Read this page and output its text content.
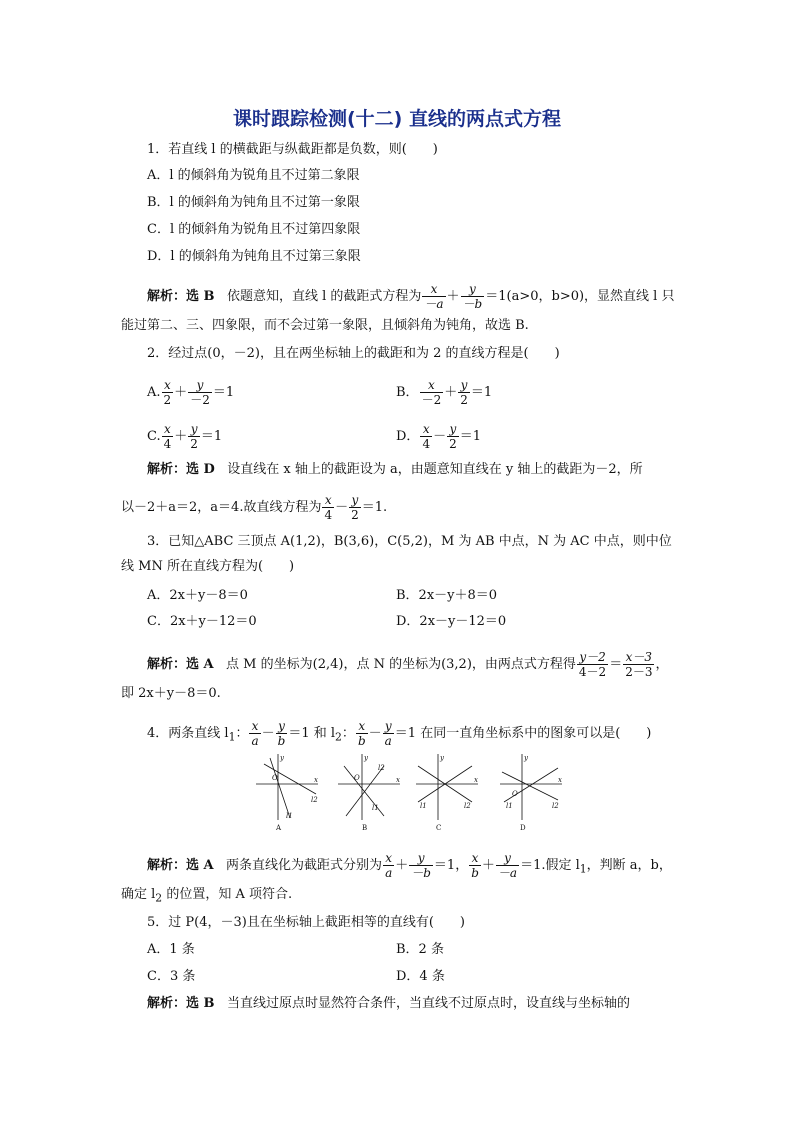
课时跟踪检测(十二) 直线的两点式方程
1．若直线 l 的横截距与纵截距都是负数，则(　　)
A．l 的倾斜角为锐角且不过第二象限
B．l 的倾斜角为钝角且不过第一象限
C．l 的倾斜角为锐角且不过第四象限
D．l 的倾斜角为钝角且不过第三象限
解析：选 B 依题意知，直线 l 的截距式方程为 $\frac{x}{-a} + \frac{y}{-b} =1(a>0$，b>0)，显然直线 l 只
能过第二、三、四象限，而不会过第一象限，且倾斜角为钝角，故选 B.
2．经过点(0，－2)，且在两坐标轴上的截距和为 2 的直线方程是(　　)
A. $\frac{x}{2} + \frac{y}{-2} =1$	B． $\frac{x}{-2} + \frac{y}{2} =1$
C. $\frac{x}{4} + \frac{y}{2} =1$	D． $\frac{x}{4} - \frac{y}{2} =1$
解析：选 D 设直线在 x 轴上的截距设为 a，由题意知直线在 y 轴上的截距为－2，所
以－2＋a＝2，a＝4.故直线方程为 $\frac{x}{4} - \frac{y}{2} =1$.
3．已知△ABC 三顶点 A(1,2)，B(3,6)，C(5,2)，M 为 AB 中点，N 为 AC 中点，则中位
线 MN 所在直线方程为(　　)
A．2x＋y－8＝0	B．2x－y＋8＝0
C．2x＋y－12＝0	D．2x－y－12＝0
解析：选 A 点 M 的坐标为(2,4)，点 N 的坐标为(3,2)，由两点式方程得 $\frac{y-2}{4-2} = \frac{x-3}{2-3}$ ，
即 2x＋y－8＝0.
4．两条直线 $l_1$： $\frac{x}{a} - \frac{y}{b} =1$ 和 $l_2$： $\frac{x}{b} - \frac{y}{a} =1$ 在同一直角坐标系中的图象可以是(　　)
O
y
x
l2
l1
A
O
y
x
l2
l1
B
y
x
l1	l2
C
O
y
x
l1	l2
D
解析：选 A 两条直线化为截距式分别为 $\frac{x}{a} + \frac{y}{-b} =1$， $\frac{x}{b} + \frac{y}{-a} =1$.假定 $l_1$，判断 a，b，
确定 $l_2$ 的位置，知 A 项符合.
5．过 P(4，－3)且在坐标轴上截距相等的直线有(　　)
A．1 条	B．2 条
C．3 条	D．4 条
解析：选 B 当直线过原点时显然符合条件，当直线不过原点时，设直线与坐标轴的
